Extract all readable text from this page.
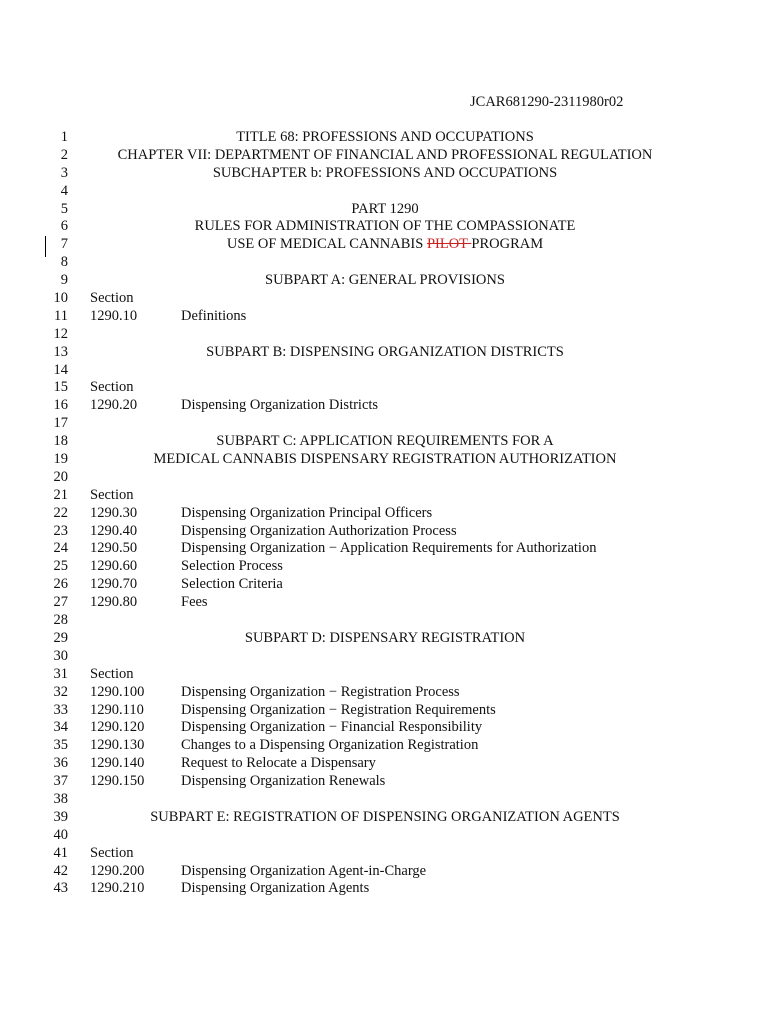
JCAR681290-2311980r02
1	TITLE 68: PROFESSIONS AND OCCUPATIONS
2	CHAPTER VII: DEPARTMENT OF FINANCIAL AND PROFESSIONAL REGULATION
3	SUBCHAPTER b: PROFESSIONS AND OCCUPATIONS
4
5	PART 1290
6	RULES FOR ADMINISTRATION OF THE COMPASSIONATE
7	USE OF MEDICAL CANNABIS PILOT PROGRAM
8
9	SUBPART A: GENERAL PROVISIONS
10 Section
11 1290.10	Definitions
12
13	SUBPART B: DISPENSING ORGANIZATION DISTRICTS
14
15 Section
16 1290.20	Dispensing Organization Districts
17
18	SUBPART C: APPLICATION REQUIREMENTS FOR A
19	MEDICAL CANNABIS DISPENSARY REGISTRATION AUTHORIZATION
20
21 Section
22 1290.30	Dispensing Organization Principal Officers
23 1290.40	Dispensing Organization Authorization Process
24 1290.50	Dispensing Organization − Application Requirements for Authorization
25 1290.60	Selection Process
26 1290.70	Selection Criteria
27 1290.80	Fees
28
29	SUBPART D: DISPENSARY REGISTRATION
30
31 Section
32 1290.100	Dispensing Organization − Registration Process
33 1290.110	Dispensing Organization − Registration Requirements
34 1290.120	Dispensing Organization − Financial Responsibility
35 1290.130	Changes to a Dispensing Organization Registration
36 1290.140	Request to Relocate a Dispensary
37 1290.150	Dispensing Organization Renewals
38
39	SUBPART E: REGISTRATION OF DISPENSING ORGANIZATION AGENTS
40
41 Section
42 1290.200	Dispensing Organization Agent-in-Charge
43 1290.210	Dispensing Organization Agents
